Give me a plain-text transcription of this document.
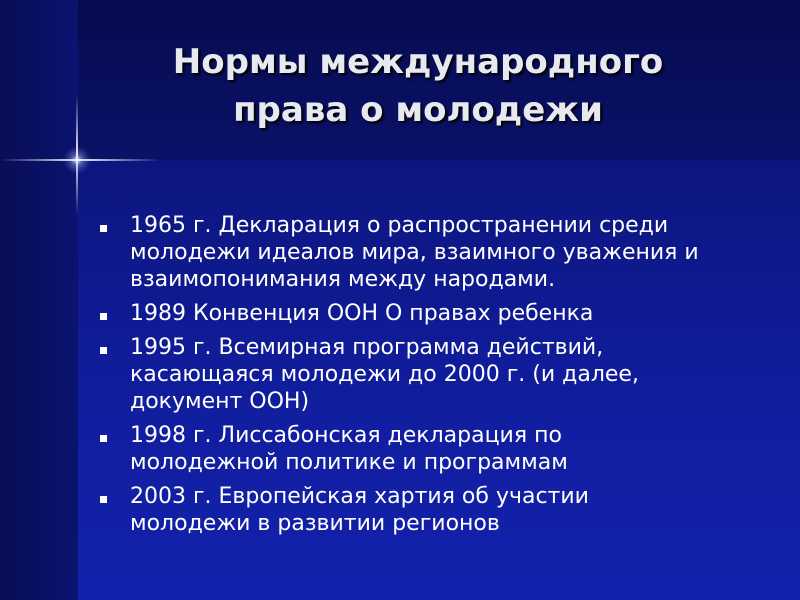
Нормы международного
права о молодежи
1965 г. Декларация о распространении среди
молодежи идеалов мира, взаимного уважения и
взаимопонимания между народами.
1989 Конвенция ООН О правах ребенка
1995 г. Всемирная программа действий,
касающаяся молодежи до 2000 г. (и далее,
документ ООН)
1998 г. Лиссабонская декларация по
молодежной политике и программам
2003 г. Европейская хартия об участии
молодежи в развитии регионов
